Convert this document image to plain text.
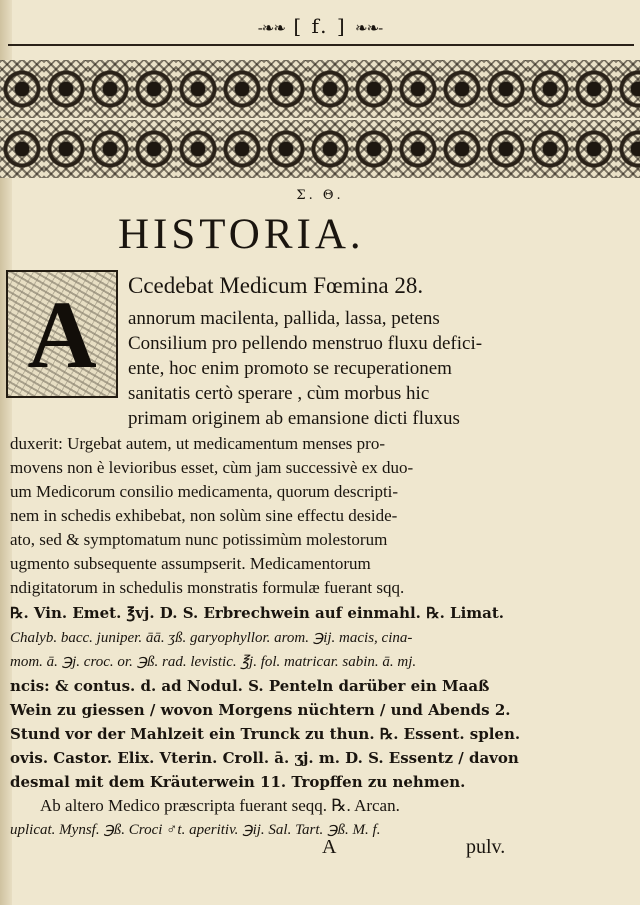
-❧❧ [ f. ] ❧❧-
Σ. Θ.
HISTORIA.
A	Ccedebat Medicum Fœmina 28.
annorum macilenta, pallida, lassa, petens
Consilium pro pellendo menstruo fluxu defici-
ente, hoc enim promoto se recuperationem
sanitatis certò sperare , cùm morbus hic
primam originem ab emansione dicti fluxus
duxerit: Urgebat autem, ut medicamentum menses pro-
movens non è levioribus esset, cùm jam successivè ex duo-
um Medicorum consilio medicamenta, quorum descripti-
nem in schedis exhibebat, non solùm sine effectu deside-
ato, sed & symptomatum nunc potissimùm molestorum
ugmento subsequente assumpserit. Medicamentorum
ndigitatorum in schedulis monstratis formulæ fuerant sqq.
℞. Vin. Emet. ℥vj. D. S. Erbrechwein auf einmahl. ℞. Limat.
Chalyb. bacc. juniper. āā. ʒß. garyophyllor. arom. ℈ij. macis, cina-
mom. ā. ℈j. croc. or. ℈ß. rad. levistic. ℥j. fol. matricar. sabin. ā. mj.
ncis: & contus. d. ad Nodul. S. Penteln darüber ein Maaß
Wein zu giessen / wovon Morgens nüchtern / und Abends 2.
Stund vor der Mahlzeit ein Trunck zu thun. ℞. Essent. splen.
ovis. Castor. Elix. Vterin. Croll. ā. ʒj. m. D. S. Essentz / davon
desmal mit dem Kräuterwein 11. Tropffen zu nehmen.
Ab altero Medico præscripta fuerant seqq. ℞. Arcan.
uplicat. Mynsf. ℈ß. Croci ♂t. aperitiv. ℈ij. Sal. Tart. ℈ß. M. f.
A	pulv.
